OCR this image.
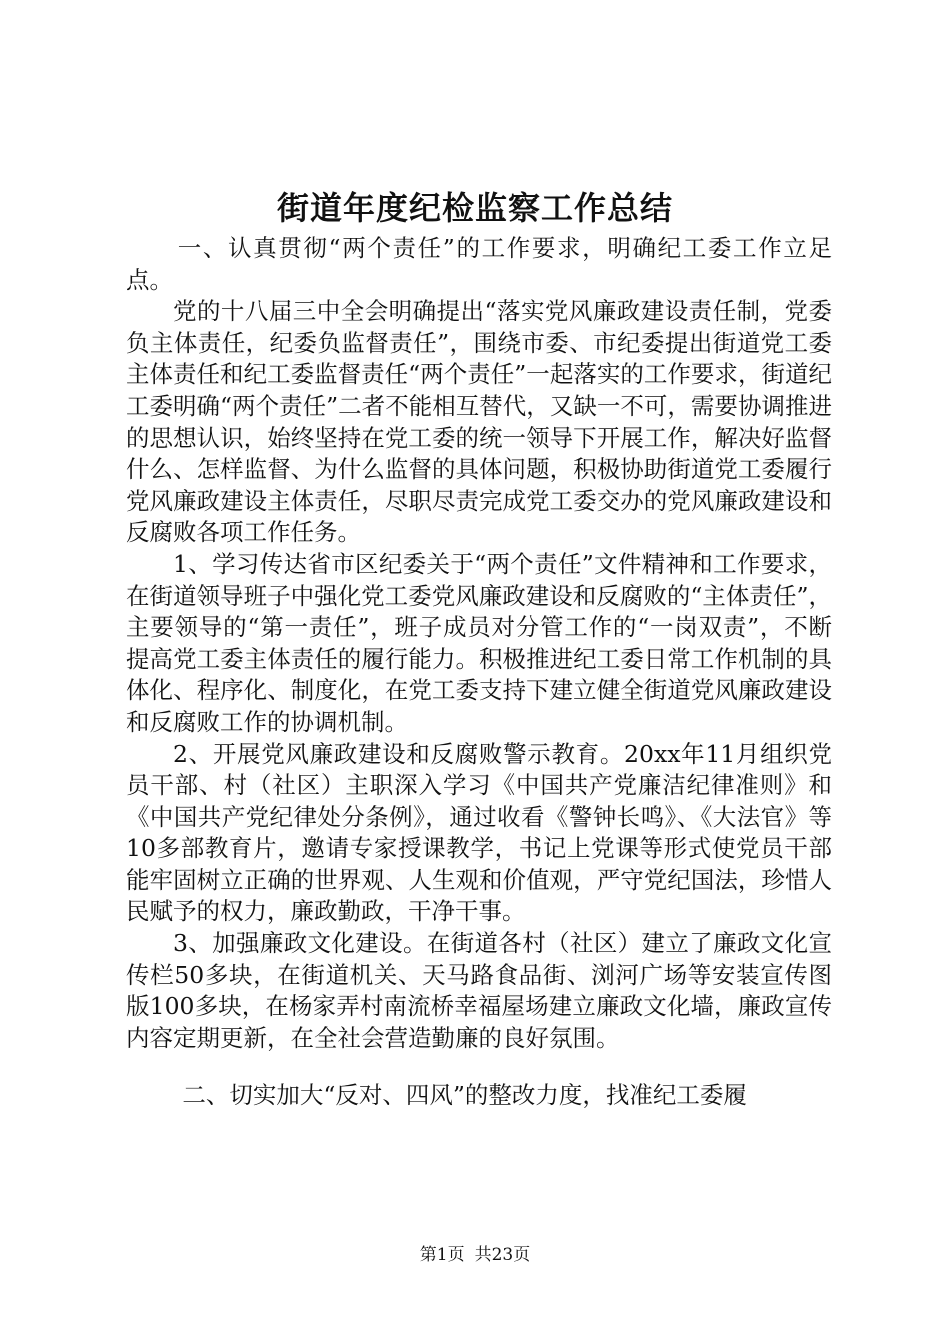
街道年度纪检监察工作总结

一、认真贯彻“两个责任”的工作要求，明确纪工委工作立足点。

党的十八届三中全会明确提出“落实党风廉政建设责任制，党委负主体责任，纪委负监督责任”，围绕市委、市纪委提出街道党工委主体责任和纪工委监督责任“两个责任”一起落实的工作要求，街道纪工委明确“两个责任”二者不能相互替代，又缺一不可，需要协调推进的思想认识，始终坚持在党工委的统一领导下开展工作，解决好监督什么、怎样监督、为什么监督的具体问题，积极协助街道党工委履行党风廉政建设主体责任，尽职尽责完成党工委交办的党风廉政建设和反腐败各项工作任务。

1、学习传达省市区纪委关于“两个责任”文件精神和工作要求，在街道领导班子中强化党工委党风廉政建设和反腐败的“主体责任”，主要领导的“第一责任”，班子成员对分管工作的“一岗双责”，不断提高党工委主体责任的履行能力。积极推进纪工委日常工作机制的具体化、程序化、制度化，在党工委支持下建立健全街道党风廉政建设和反腐败工作的协调机制。

2、开展党风廉政建设和反腐败警示教育。20xx年11月组织党员干部、村（社区）主职深入学习《中国共产党廉洁纪律准则》和《中国共产党纪律处分条例》，通过收看《警钟长鸣》、《大法官》等10多部教育片，邀请专家授课教学，书记上党课等形式使党员干部能牢固树立正确的世界观、人生观和价值观，严守党纪国法，珍惜人民赋予的权力，廉政勤政，干净干事。

3、加强廉政文化建设。在街道各村（社区）建立了廉政文化宣传栏50多块，在街道机关、天马路食品街、浏河广场等安装宣传图版100多块，在杨家弄村南流桥幸福屋场建立廉政文化墙，廉政宣传内容定期更新，在全社会营造勤廉的良好氛围。

二、切实加大“反对、四风”的整改力度，找准纪工委履

第1页 共23页
